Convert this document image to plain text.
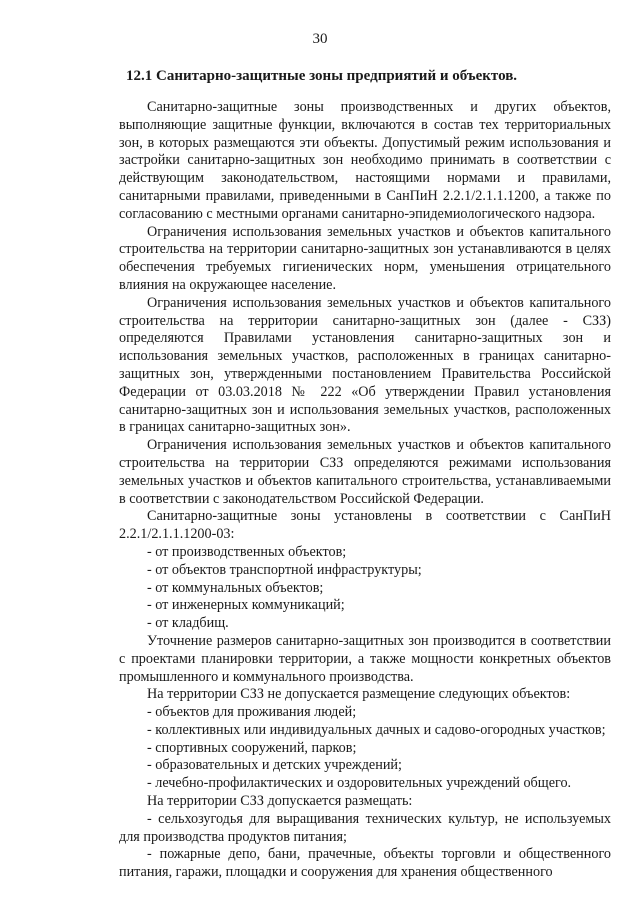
30
12.1 Санитарно-защитные зоны предприятий и объектов.

Санитарно-защитные зоны производственных и других объектов, выполняющие защитные функции, включаются в состав тех территориальных зон, в которых размещаются эти объекты. Допустимый режим использования и застройки санитарно-защитных зон необходимо принимать в соответствии с действующим законодательством, настоящими нормами и правилами, санитарными правилами, приведенными в СанПиН 2.2.1/2.1.1.1200, а также по согласованию с местными органами санитарно-эпидемиологического надзора.

Ограничения использования земельных участков и объектов капитального строительства на территории санитарно-защитных зон устанавливаются в целях обеспечения требуемых гигиенических норм, уменьшения отрицательного влияния на окружающее население.

Ограничения использования земельных участков и объектов капитального строительства на территории санитарно-защитных зон (далее - СЗЗ) определяются Правилами установления санитарно-защитных зон и использования земельных участков, расположенных в границах санитарно- защитных зон, утвержденными постановлением Правительства Российской Федерации от 03.03.2018 № 222 «Об утверждении Правил установления санитарно-защитных зон и использования земельных участков, расположенных в границах санитарно-защитных зон».

Ограничения использования земельных участков и объектов капитального строительства на территории СЗЗ определяются режимами использования земельных участков и объектов капитального строительства, устанавливаемыми в соответствии с законодательством Российской Федерации.

Санитарно-защитные зоны установлены в соответствии с СанПиН 2.2.1/2.1.1.1200-03:

- от производственных объектов;

- от объектов транспортной инфраструктуры;

- от коммунальных объектов;

- от инженерных коммуникаций;

- от кладбищ.

Уточнение размеров санитарно-защитных зон производится в соответствии с проектами планировки территории, а также мощности конкретных объектов промышленного и коммунального производства.

На территории СЗЗ не допускается размещение следующих объектов:

- объектов для проживания людей;

- коллективных или индивидуальных дачных и садово-огородных участков;

- спортивных сооружений, парков;

- образовательных и детских учреждений;

- лечебно-профилактических и оздоровительных учреждений общего.

На территории СЗЗ допускается размещать:

- сельхозугодья для выращивания технических культур, не используемых для производства продуктов питания;

- пожарные депо, бани, прачечные, объекты торговли и общественного питания, гаражи, площадки и сооружения для хранения общественного
